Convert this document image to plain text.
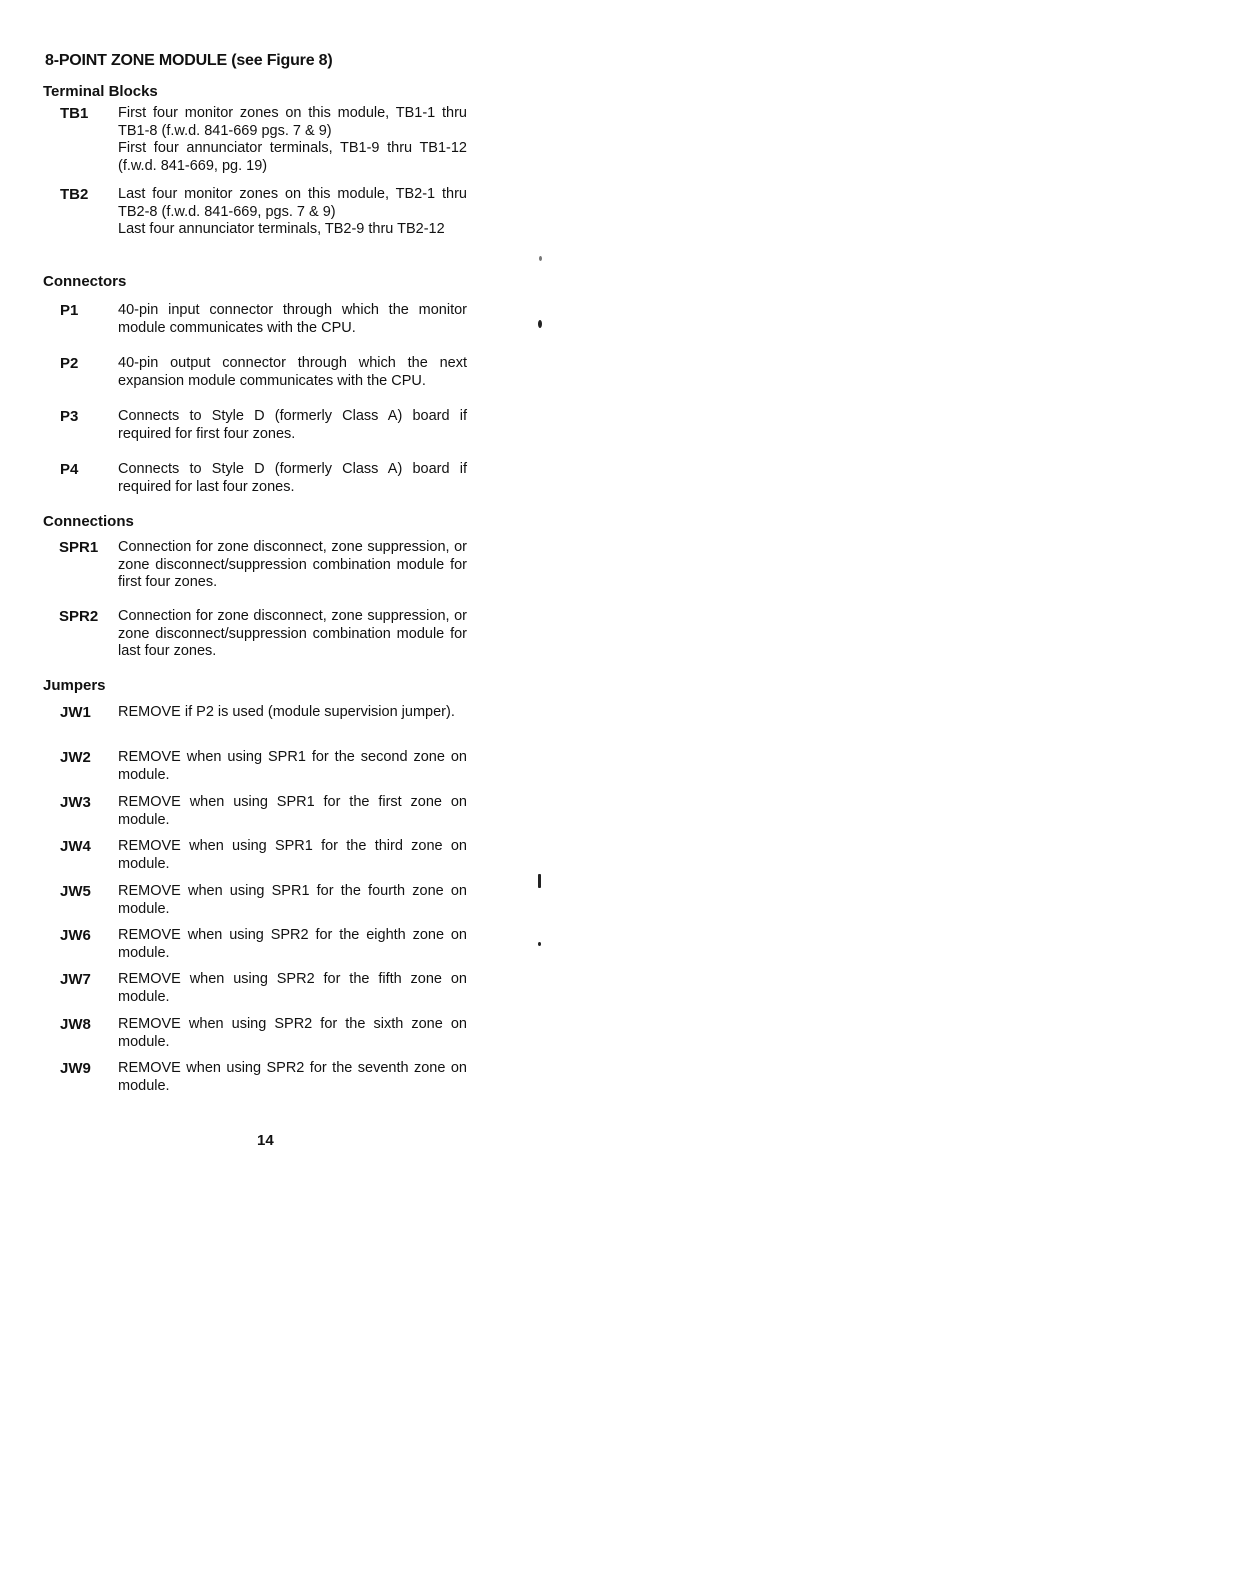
8-POINT ZONE MODULE (see Figure 8)
Terminal Blocks
TB1 First four monitor zones on this module, TB1-1 thru TB1-8 (f.w.d. 841-669 pgs. 7 & 9)
First four annunciator terminals, TB1-9 thru TB1-12 (f.w.d. 841-669, pg. 19)
TB2 Last four monitor zones on this module, TB2-1 thru TB2-8 (f.w.d. 841-669, pgs. 7 & 9)
Last four annunciator terminals, TB2-9 thru TB2-12
Connectors
P1	40-pin input connector through which the monitor module communicates with the CPU.
P2	40-pin output connector through which the next expansion module communicates with the CPU.
P3	Connects to Style D (formerly Class A) board if required for first four zones.
P4	Connects to Style D (formerly Class A) board if required for last four zones.
Connections
SPR1 Connection for zone disconnect, zone suppression, or zone disconnect/suppression combination module for first four zones.
SPR2 Connection for zone disconnect, zone suppression, or zone disconnect/suppression combination module for last four zones.
Jumpers
JW1 REMOVE if P2 is used (module supervision jumper).
JW2 REMOVE when using SPR1 for the second zone on module.
JW3 REMOVE when using SPR1 for the first zone on module.
JW4 REMOVE when using SPR1 for the third zone on module.
JW5 REMOVE when using SPR1 for the fourth zone on module.
JW6 REMOVE when using SPR2 for the eighth zone on module.
JW7 REMOVE when using SPR2 for the fifth zone on module.
JW8 REMOVE when using SPR2 for the sixth zone on module.
JW9 REMOVE when using SPR2 for the seventh zone on module.
14
